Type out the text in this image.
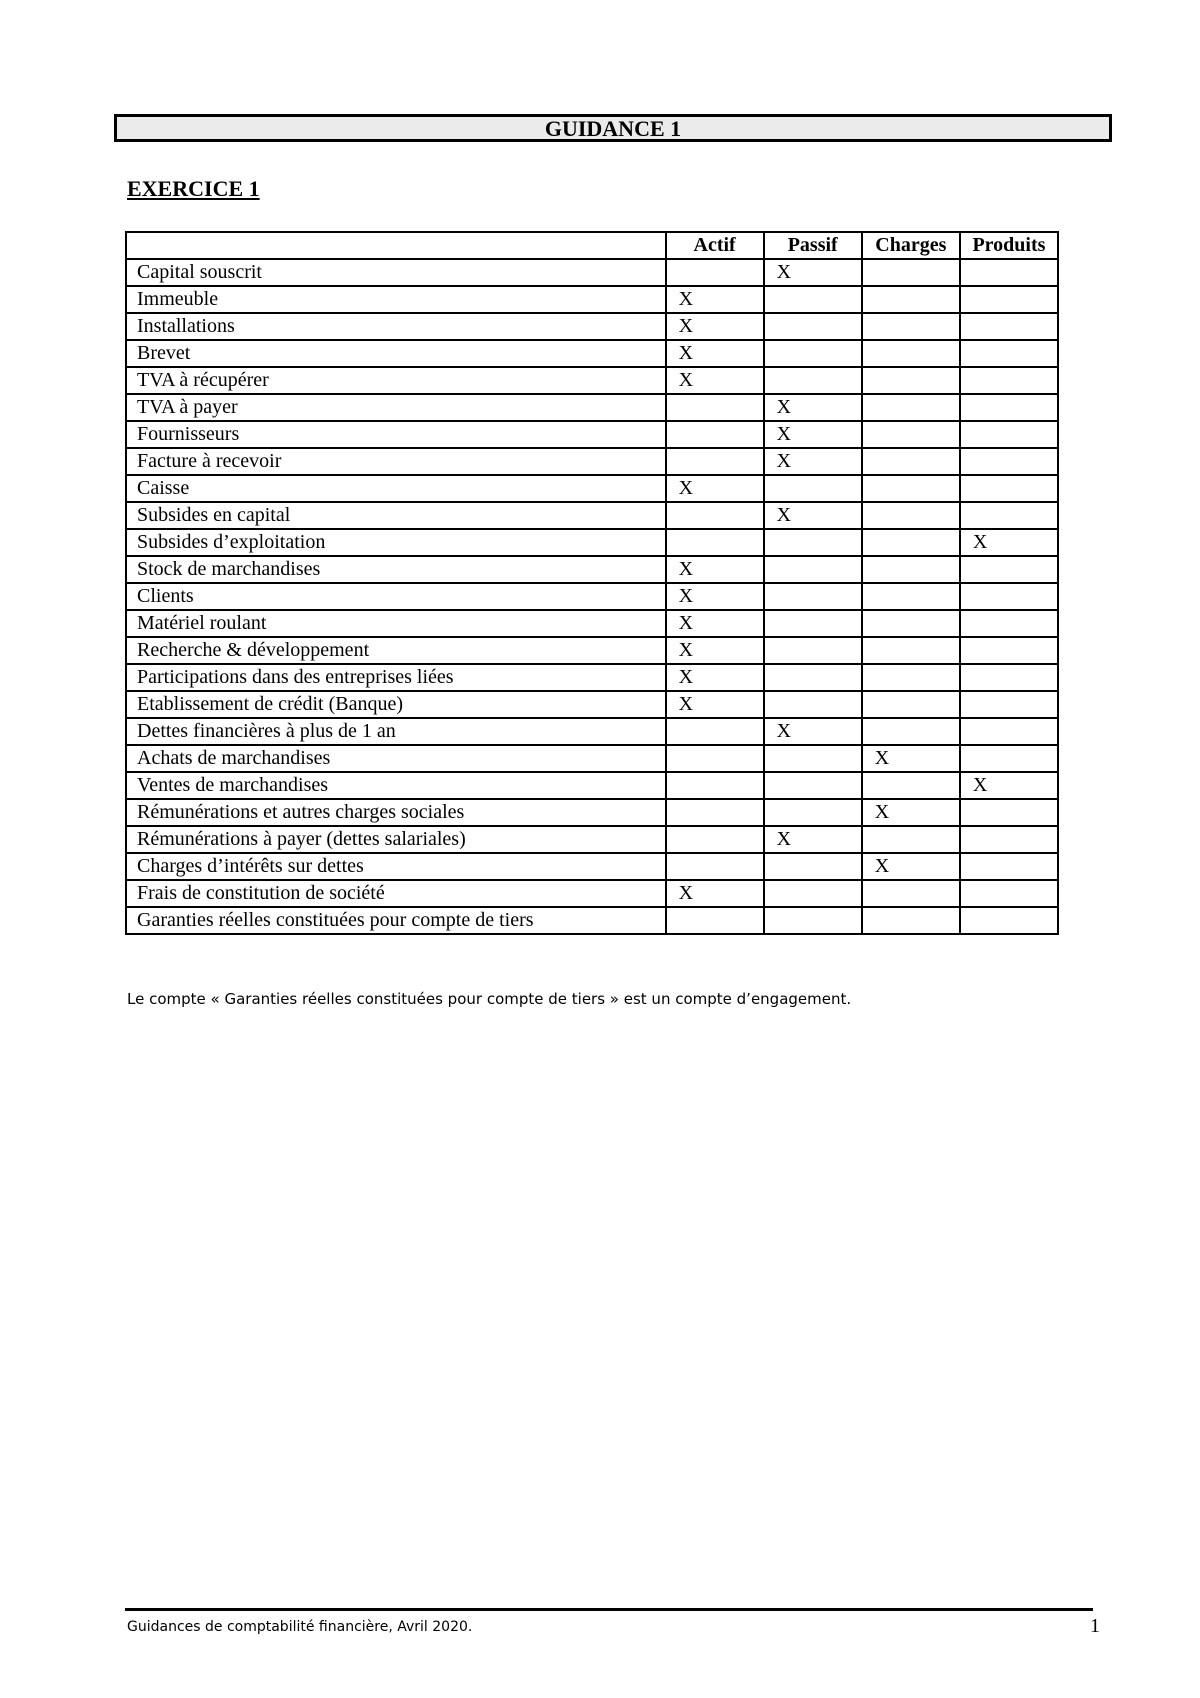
GUIDANCE 1
EXERCICE 1
	Actif	Passif	Charges	Produits
Capital souscrit		X		
Immeuble	X			
Installations	X			
Brevet	X			
TVA à récupérer	X			
TVA à payer		X		
Fournisseurs		X		
Facture à recevoir		X		
Caisse	X			
Subsides en capital		X		
Subsides d’exploitation				X
Stock de marchandises	X			
Clients	X			
Matériel roulant	X			
Recherche & développement	X			
Participations dans des entreprises liées	X			
Etablissement de crédit (Banque)	X			
Dettes financières à plus de 1 an		X		
Achats de marchandises			X	
Ventes de marchandises				X
Rémunérations et autres charges sociales			X	
Rémunérations à payer (dettes salariales)		X		
Charges d’intérêts sur dettes			X	
Frais de constitution de société	X			
Garanties réelles constituées pour compte de tiers				
Le compte « Garanties réelles constituées pour compte de tiers » est un compte d’engagement.
Guidances de comptabilité financière, Avril 2020.	1
